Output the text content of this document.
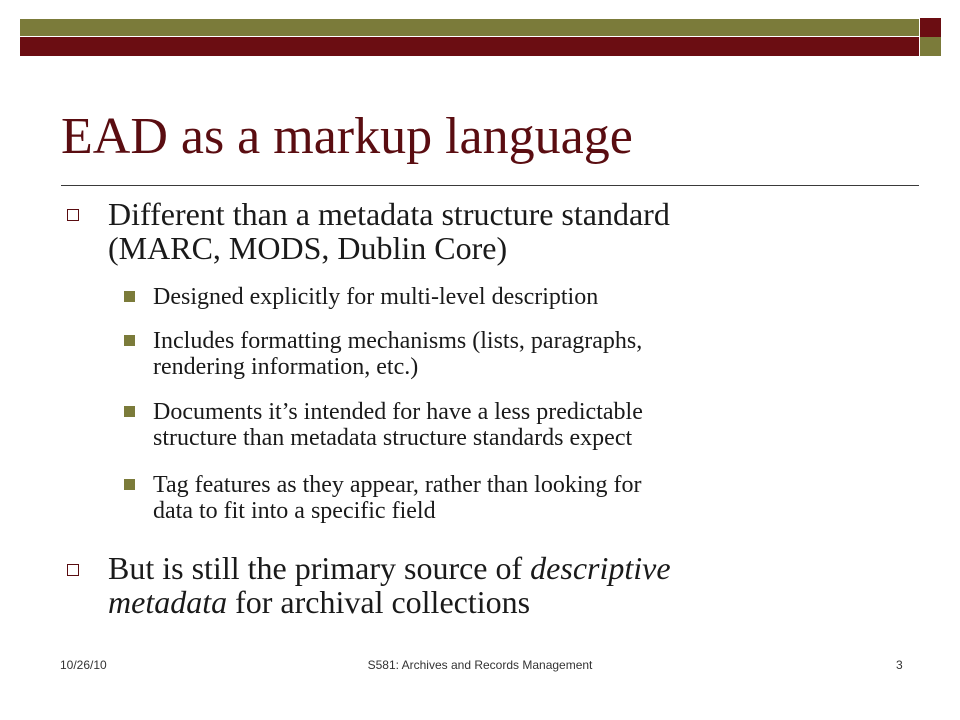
EAD as a markup language
Different than a metadata structure standard
(MARC, MODS, Dublin Core)
Designed explicitly for multi-level description
Includes formatting mechanisms (lists, paragraphs,
rendering information, etc.)
Documents it’s intended for have a less predictable
structure than metadata structure standards expect
Tag features as they appear, rather than looking for
data to fit into a specific field
But is still the primary source of descriptive
metadata for archival collections
10/26/10	S581: Archives and Records Management	3
